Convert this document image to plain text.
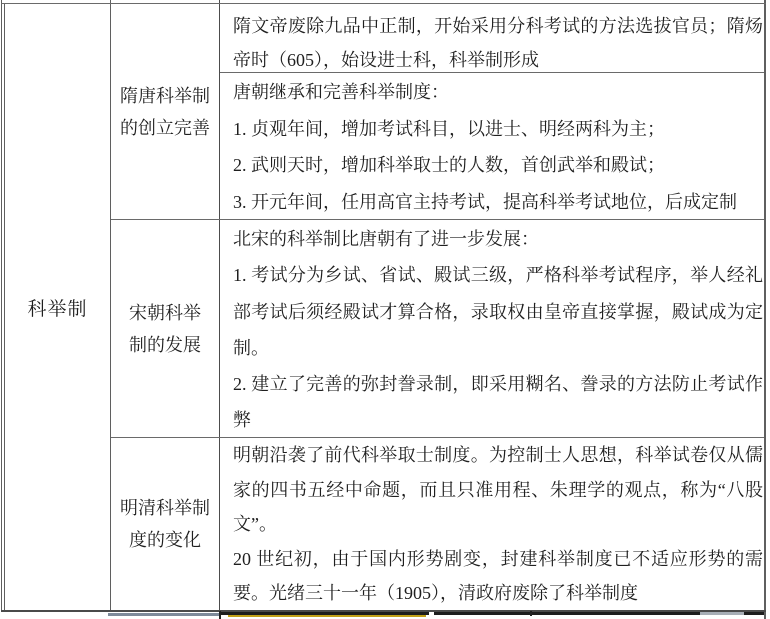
科举制
隋唐科举制
的创立完善
宋朝科举
制的发展
明清科举制
度的变化

隋文帝废除九品中正制，开始采用分科考试的方法选拔官员；隋炀帝时（605），始设进士科，科举制形成

唐朝继承和完善科举制度：

1. 贞观年间，增加考试科目，以进士、明经两科为主；

2. 武则天时，增加科举取士的人数，首创武举和殿试；

3. 开元年间，任用高官主持考试，提高科举考试地位，后成定制

北宋的科举制比唐朝有了进一步发展：

1. 考试分为乡试、省试、殿试三级，严格科举考试程序，举人经礼部考试后须经殿试才算合格，录取权由皇帝直接掌握，殿试成为定制。

2. 建立了完善的弥封誊录制，即采用糊名、誊录的方法防止考试作弊

明朝沿袭了前代科举取士制度。为控制士人思想，科举试卷仅从儒家的四书五经中命题，而且只准用程、朱理学的观点，称为“八股文”。

20 世纪初，由于国内形势剧变，封建科举制度已不适应形势的需要。光绪三十一年（1905），清政府废除了科举制度
